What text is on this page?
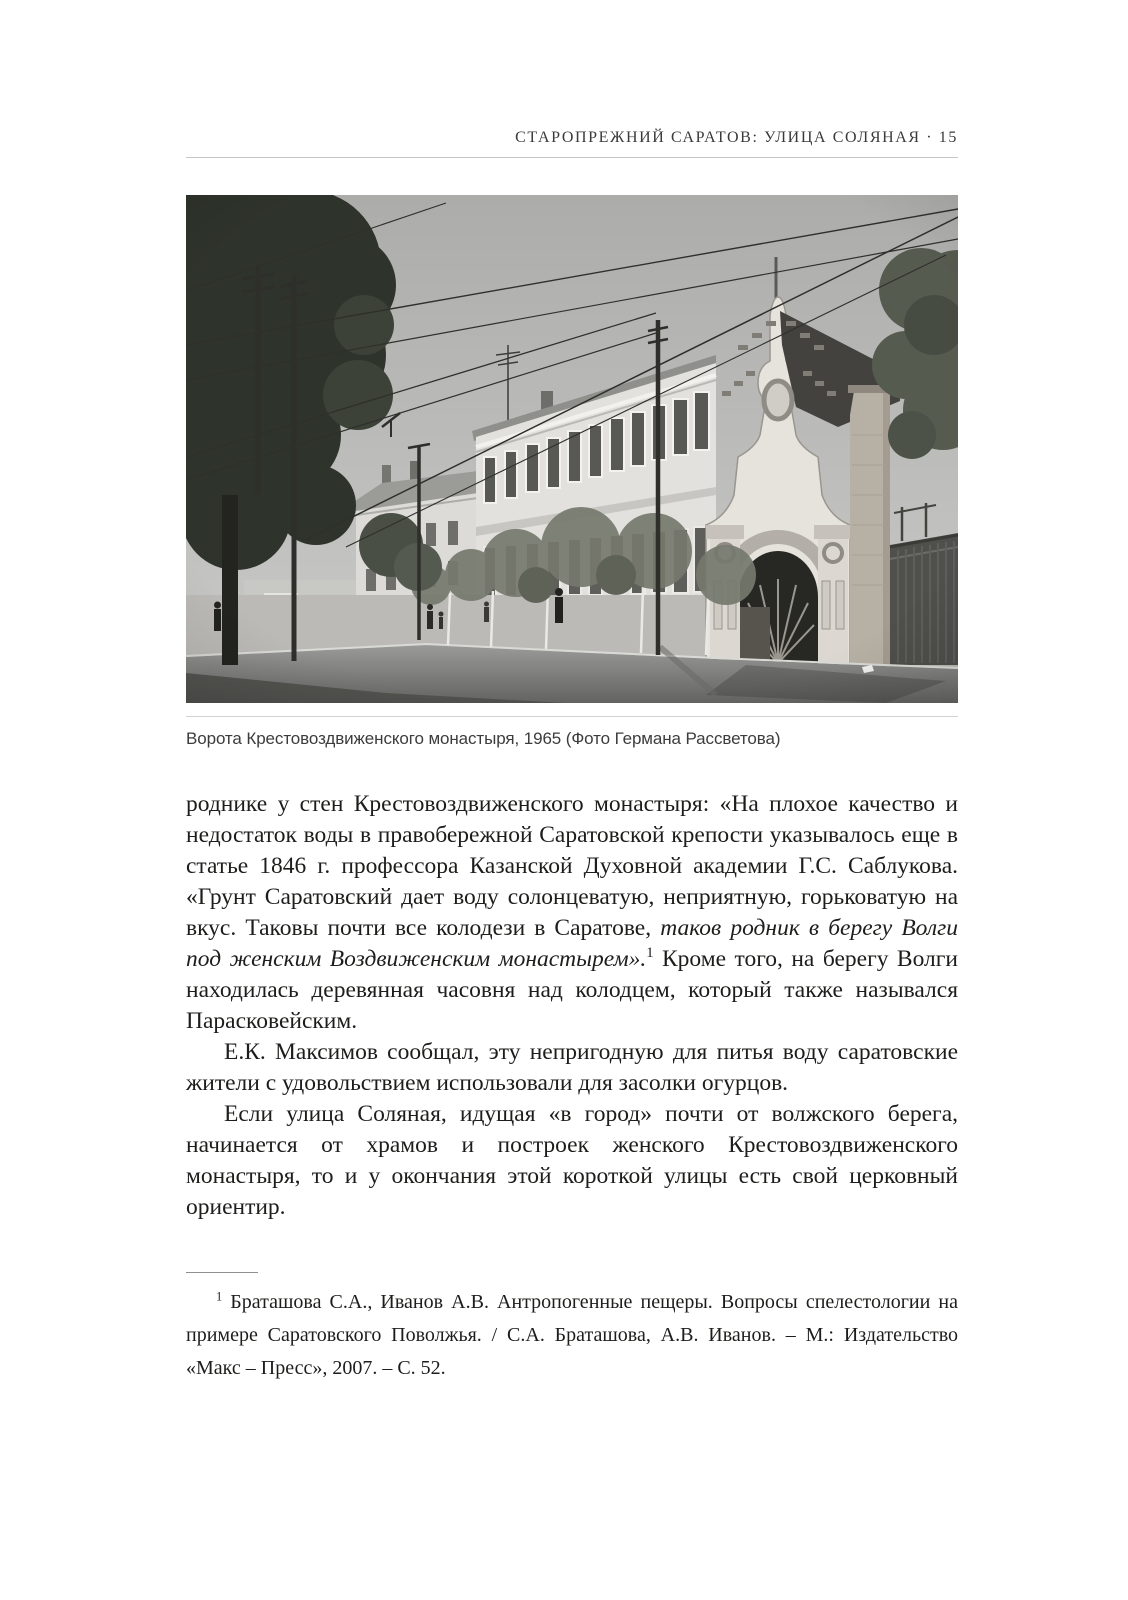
СТАРОПРЕЖНИЙ САРАТОВ: УЛИЦА СОЛЯНАЯ · 15

Ворота Крестовоздвиженского монастыря, 1965 (Фото Германа Рассветова)

роднике у стен Крестовоздвиженского монастыря: «На плохое качество и недостаток воды в правобережной Саратовской крепости указывалось еще в статье 1846 г. профессора Казанской Духовной академии Г.С. Саблукова. «Грунт Саратовский дает воду солонцеватую, неприятную, горьковатую на вкус. Таковы почти все колодези в Саратове, таков родник в берегу Волги под женским Воздвиженским монастырем».$^1$ Кроме того, на берегу Волги находилась деревянная часовня над колодцем, который также назывался Парасковейским.

Е.К. Максимов сообщал, эту непригодную для питья воду саратовские жители с удовольствием использовали для засолки огурцов.

Если улица Соляная, идущая «в город» почти от волжского берега, начинается от храмов и построек женского Крестовоздвиженского монастыря, то и у окончания этой короткой улицы есть свой церковный ориентир.

$^1$ Браташова С.А., Иванов А.В. Антропогенные пещеры. Вопросы спелестологии на примере Саратовского Поволжья. / С.А. Браташова, А.В. Иванов. – М.: Издательство «Макс – Пресс», 2007. – С. 52.
